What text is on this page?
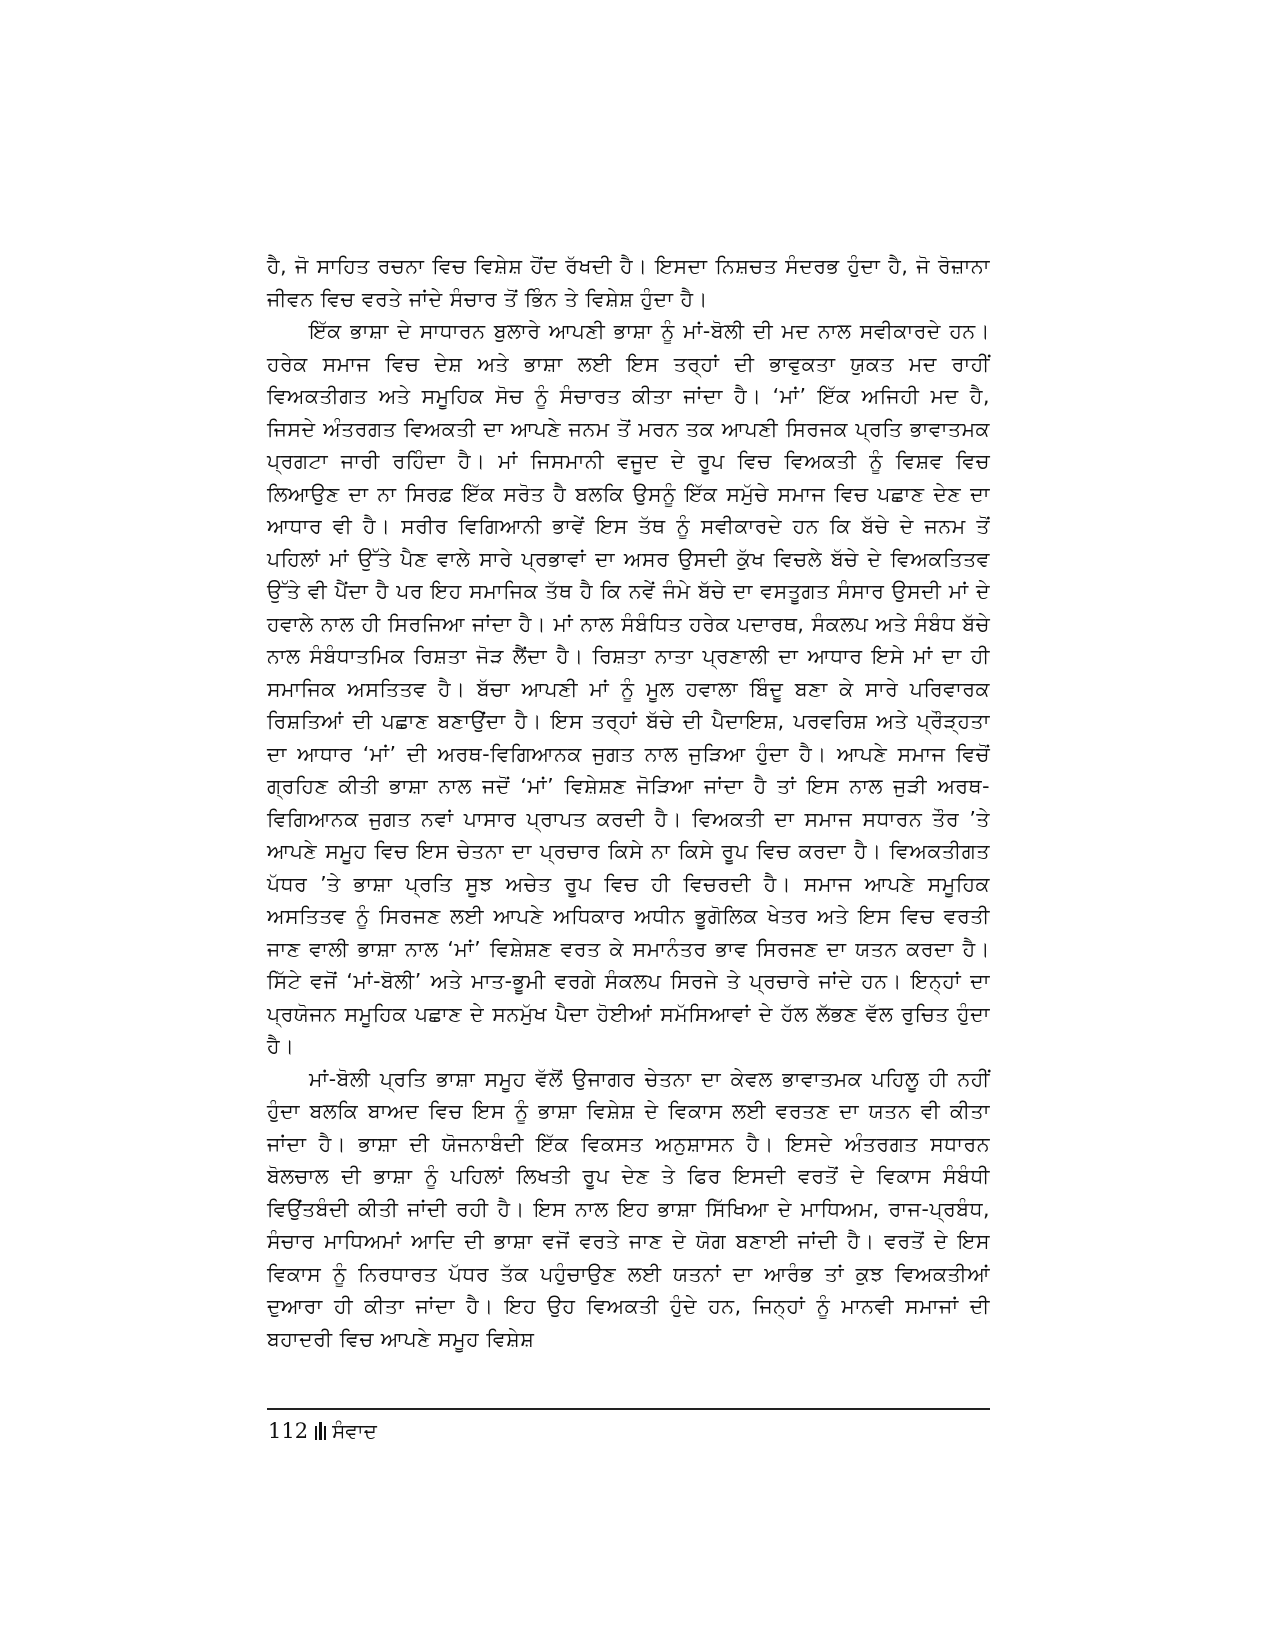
ਹੈ, ਜੋ ਸਾਹਿਤ ਰਚਨਾ ਵਿਚ ਵਿਸ਼ੇਸ਼ ਹੋਂਦ ਰੱਖਦੀ ਹੈ। ਇਸਦਾ ਨਿਸ਼ਚਤ ਸੰਦਰਭ ਹੁੰਦਾ ਹੈ, ਜੋ ਰੋਜ਼ਾਨਾ ਜੀਵਨ ਵਿਚ ਵਰਤੇ ਜਾਂਦੇ ਸੰਚਾਰ ਤੋਂ ਭਿੰਨ ਤੇ ਵਿਸ਼ੇਸ਼ ਹੁੰਦਾ ਹੈ।

ਇੱਕ ਭਾਸ਼ਾ ਦੇ ਸਾਧਾਰਨ ਬੁਲਾਰੇ ਆਪਣੀ ਭਾਸ਼ਾ ਨੂੰ ਮਾਂ-ਬੋਲੀ ਦੀ ਮਦ ਨਾਲ ਸਵੀਕਾਰਦੇ ਹਨ। ਹਰੇਕ ਸਮਾਜ ਵਿਚ ਦੇਸ਼ ਅਤੇ ਭਾਸ਼ਾ ਲਈ ਇਸ ਤਰ੍ਹਾਂ ਦੀ ਭਾਵੁਕਤਾ ਯੁਕਤ ਮਦ ਰਾਹੀਂ ਵਿਅਕਤੀਗਤ ਅਤੇ ਸਮੂਹਿਕ ਸੋਚ ਨੂੰ ਸੰਚਾਰਤ ਕੀਤਾ ਜਾਂਦਾ ਹੈ। ‘ਮਾਂ’ ਇੱਕ ਅਜਿਹੀ ਮਦ ਹੈ, ਜਿਸਦੇ ਅੰਤਰਗਤ ਵਿਅਕਤੀ ਦਾ ਆਪਣੇ ਜਨਮ ਤੋਂ ਮਰਨ ਤਕ ਆਪਣੀ ਸਿਰਜਕ ਪ੍ਰਤਿ ਭਾਵਾਤਮਕ ਪ੍ਰਗਟਾ ਜਾਰੀ ਰਹਿੰਦਾ ਹੈ। ਮਾਂ ਜਿਸਮਾਨੀ ਵਜੂਦ ਦੇ ਰੂਪ ਵਿਚ ਵਿਅਕਤੀ ਨੂੰ ਵਿਸ਼ਵ ਵਿਚ ਲਿਆਉਣ ਦਾ ਨਾ ਸਿਰਫ਼ ਇੱਕ ਸਰੋਤ ਹੈ ਬਲਕਿ ਉਸਨੂੰ ਇੱਕ ਸਮੁੱਚੇ ਸਮਾਜ ਵਿਚ ਪਛਾਣ ਦੇਣ ਦਾ ਆਧਾਰ ਵੀ ਹੈ। ਸਰੀਰ ਵਿਗਿਆਨੀ ਭਾਵੇਂ ਇਸ ਤੱਥ ਨੂੰ ਸਵੀਕਾਰਦੇ ਹਨ ਕਿ ਬੱਚੇ ਦੇ ਜਨਮ ਤੋਂ ਪਹਿਲਾਂ ਮਾਂ ਉੱਤੇ ਪੈਣ ਵਾਲੇ ਸਾਰੇ ਪ੍ਰਭਾਵਾਂ ਦਾ ਅਸਰ ਉਸਦੀ ਕੁੱਖ ਵਿਚਲੇ ਬੱਚੇ ਦੇ ਵਿਅਕਤਿਤਵ ਉੱਤੇ ਵੀ ਪੈਂਦਾ ਹੈ ਪਰ ਇਹ ਸਮਾਜਿਕ ਤੱਥ ਹੈ ਕਿ ਨਵੇਂ ਜੰਮੇ ਬੱਚੇ ਦਾ ਵਸਤੂਗਤ ਸੰਸਾਰ ਉਸਦੀ ਮਾਂ ਦੇ ਹਵਾਲੇ ਨਾਲ ਹੀ ਸਿਰਜਿਆ ਜਾਂਦਾ ਹੈ। ਮਾਂ ਨਾਲ ਸੰਬੰਧਿਤ ਹਰੇਕ ਪਦਾਰਥ, ਸੰਕਲਪ ਅਤੇ ਸੰਬੰਧ ਬੱਚੇ ਨਾਲ ਸੰਬੰਧਾਤਮਿਕ ਰਿਸ਼ਤਾ ਜੋੜ ਲੈਂਦਾ ਹੈ। ਰਿਸ਼ਤਾ ਨਾਤਾ ਪ੍ਰਣਾਲੀ ਦਾ ਆਧਾਰ ਇਸੇ ਮਾਂ ਦਾ ਹੀ ਸਮਾਜਿਕ ਅਸਤਿਤਵ ਹੈ। ਬੱਚਾ ਆਪਣੀ ਮਾਂ ਨੂੰ ਮੂਲ ਹਵਾਲਾ ਬਿੰਦੂ ਬਣਾ ਕੇ ਸਾਰੇ ਪਰਿਵਾਰਕ ਰਿਸ਼ਤਿਆਂ ਦੀ ਪਛਾਣ ਬਣਾਉਂਦਾ ਹੈ। ਇਸ ਤਰ੍ਹਾਂ ਬੱਚੇ ਦੀ ਪੈਦਾਇਸ਼, ਪਰਵਰਿਸ਼ ਅਤੇ ਪ੍ਰੌੜ੍ਹਤਾ ਦਾ ਆਧਾਰ ‘ਮਾਂ’ ਦੀ ਅਰਥ-ਵਿਗਿਆਨਕ ਜੁਗਤ ਨਾਲ ਜੁੜਿਆ ਹੁੰਦਾ ਹੈ। ਆਪਣੇ ਸਮਾਜ ਵਿਚੋਂ ਗ੍ਰਹਿਣ ਕੀਤੀ ਭਾਸ਼ਾ ਨਾਲ ਜਦੋਂ ‘ਮਾਂ’ ਵਿਸ਼ੇਸ਼ਣ ਜੋੜਿਆ ਜਾਂਦਾ ਹੈ ਤਾਂ ਇਸ ਨਾਲ ਜੁੜੀ ਅਰਥ-ਵਿਗਿਆਨਕ ਜੁਗਤ ਨਵਾਂ ਪਾਸਾਰ ਪ੍ਰਾਪਤ ਕਰਦੀ ਹੈ। ਵਿਅਕਤੀ ਦਾ ਸਮਾਜ ਸਧਾਰਨ ਤੌਰ ’ਤੇ ਆਪਣੇ ਸਮੂਹ ਵਿਚ ਇਸ ਚੇਤਨਾ ਦਾ ਪ੍ਰਚਾਰ ਕਿਸੇ ਨਾ ਕਿਸੇ ਰੂਪ ਵਿਚ ਕਰਦਾ ਹੈ। ਵਿਅਕਤੀਗਤ ਪੱਧਰ ’ਤੇ ਭਾਸ਼ਾ ਪ੍ਰਤਿ ਸੂਝ ਅਚੇਤ ਰੂਪ ਵਿਚ ਹੀ ਵਿਚਰਦੀ ਹੈ। ਸਮਾਜ ਆਪਣੇ ਸਮੂਹਿਕ ਅਸਤਿਤਵ ਨੂੰ ਸਿਰਜਣ ਲਈ ਆਪਣੇ ਅਧਿਕਾਰ ਅਧੀਨ ਭੂਗੋਲਿਕ ਖੇਤਰ ਅਤੇ ਇਸ ਵਿਚ ਵਰਤੀ ਜਾਣ ਵਾਲੀ ਭਾਸ਼ਾ ਨਾਲ ‘ਮਾਂ’ ਵਿਸ਼ੇਸ਼ਣ ਵਰਤ ਕੇ ਸਮਾਨੰਤਰ ਭਾਵ ਸਿਰਜਣ ਦਾ ਯਤਨ ਕਰਦਾ ਹੈ। ਸਿੱਟੇ ਵਜੋਂ ‘ਮਾਂ-ਬੋਲੀ’ ਅਤੇ ਮਾਤ-ਭੂਮੀ ਵਰਗੇ ਸੰਕਲਪ ਸਿਰਜੇ ਤੇ ਪ੍ਰਚਾਰੇ ਜਾਂਦੇ ਹਨ। ਇਨ੍ਹਾਂ ਦਾ ਪ੍ਰਯੋਜਨ ਸਮੂਹਿਕ ਪਛਾਣ ਦੇ ਸਨਮੁੱਖ ਪੈਦਾ ਹੋਈਆਂ ਸਮੱਸਿਆਵਾਂ ਦੇ ਹੱਲ ਲੱਭਣ ਵੱਲ ਰੁਚਿਤ ਹੁੰਦਾ ਹੈ।

ਮਾਂ-ਬੋਲੀ ਪ੍ਰਤਿ ਭਾਸ਼ਾ ਸਮੂਹ ਵੱਲੋਂ ਉਜਾਗਰ ਚੇਤਨਾ ਦਾ ਕੇਵਲ ਭਾਵਾਤਮਕ ਪਹਿਲੂ ਹੀ ਨਹੀਂ ਹੁੰਦਾ ਬਲਕਿ ਬਾਅਦ ਵਿਚ ਇਸ ਨੂੰ ਭਾਸ਼ਾ ਵਿਸ਼ੇਸ਼ ਦੇ ਵਿਕਾਸ ਲਈ ਵਰਤਣ ਦਾ ਯਤਨ ਵੀ ਕੀਤਾ ਜਾਂਦਾ ਹੈ। ਭਾਸ਼ਾ ਦੀ ਯੋਜਨਾਬੰਦੀ ਇੱਕ ਵਿਕਸਤ ਅਨੁਸ਼ਾਸਨ ਹੈ। ਇਸਦੇ ਅੰਤਰਗਤ ਸਧਾਰਨ ਬੋਲਚਾਲ ਦੀ ਭਾਸ਼ਾ ਨੂੰ ਪਹਿਲਾਂ ਲਿਖਤੀ ਰੂਪ ਦੇਣ ਤੇ ਫਿਰ ਇਸਦੀ ਵਰਤੋਂ ਦੇ ਵਿਕਾਸ ਸੰਬੰਧੀ ਵਿਉਂਤਬੰਦੀ ਕੀਤੀ ਜਾਂਦੀ ਰਹੀ ਹੈ। ਇਸ ਨਾਲ ਇਹ ਭਾਸ਼ਾ ਸਿੱਖਿਆ ਦੇ ਮਾਧਿਅਮ, ਰਾਜ-ਪ੍ਰਬੰਧ, ਸੰਚਾਰ ਮਾਧਿਅਮਾਂ ਆਦਿ ਦੀ ਭਾਸ਼ਾ ਵਜੋਂ ਵਰਤੇ ਜਾਣ ਦੇ ਯੋਗ ਬਣਾਈ ਜਾਂਦੀ ਹੈ। ਵਰਤੋਂ ਦੇ ਇਸ ਵਿਕਾਸ ਨੂੰ ਨਿਰਧਾਰਤ ਪੱਧਰ ਤੱਕ ਪਹੁੰਚਾਉਣ ਲਈ ਯਤਨਾਂ ਦਾ ਆਰੰਭ ਤਾਂ ਕੁਝ ਵਿਅਕਤੀਆਂ ਦੁਆਰਾ ਹੀ ਕੀਤਾ ਜਾਂਦਾ ਹੈ। ਇਹ ਉਹ ਵਿਅਕਤੀ ਹੁੰਦੇ ਹਨ, ਜਿਨ੍ਹਾਂ ਨੂੰ ਮਾਨਵੀ ਸਮਾਜਾਂ ਦੀ ਬਹਾਦਰੀ ਵਿਚ ਆਪਣੇ ਸਮੂਹ ਵਿਸ਼ੇਸ਼

112 ਸੰਵਾਦ
